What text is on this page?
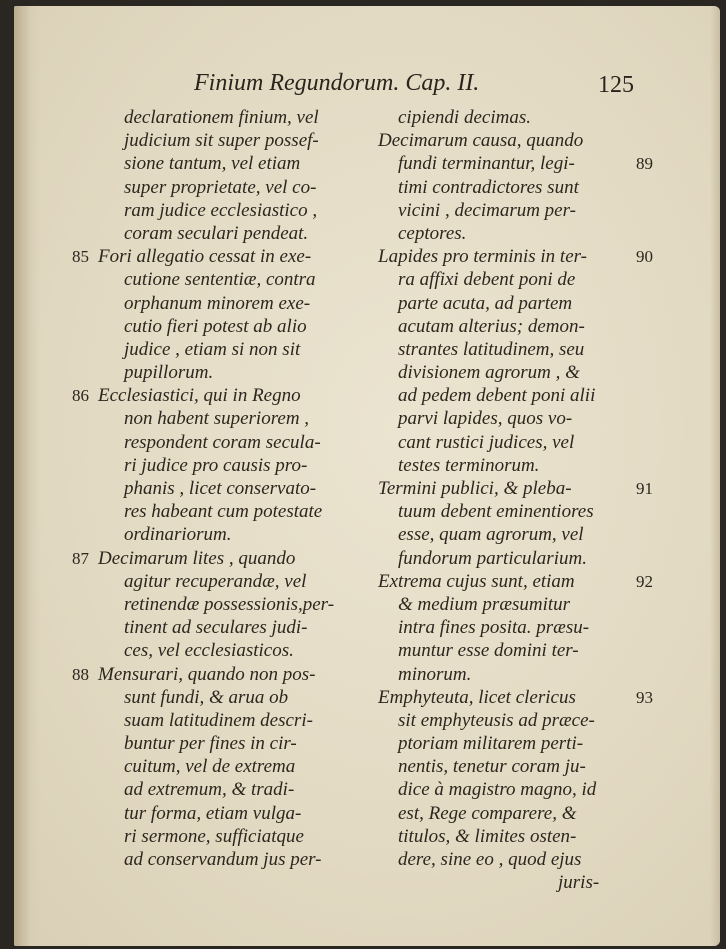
Finium Regundorum. Cap. II.	125
declarationem finium, vel
judicium sit super possef-
sione tantum, vel etiam
super proprietate, vel co-
ram judice ecclesiastico ,
coram seculari pendeat.
85 Fori allegatio cessat in exe-
cutione sententiæ, contra
orphanum minorem exe-
cutio fieri potest ab alio
judice , etiam si non sit
pupillorum.
86 Ecclesiastici, qui in Regno
non habent superiorem ,
respondent coram secula-
ri judice pro causis pro-
phanis , licet conservato-
res habeant cum potestate
ordinariorum.
87 Decimarum lites , quando
agitur recuperandæ, vel
retinendæ possessionis,per-
tinent ad seculares judi-
ces, vel ecclesiasticos.
88 Mensurari, quando non pos-
sunt fundi, & arua ob
suam latitudinem descri-
buntur per fines in cir-
cuitum, vel de extrema
ad extremum, & tradi-
tur forma, etiam vulga-
ri sermone, sufficiatque
ad conservandum jus per-
cipiendi decimas.
Decimarum causa, quando
89
fundi terminantur, legi-
timi contradictores sunt
vicini , decimarum per-
ceptores.
90
Lapides pro terminis in ter-
ra affixi debent poni de
parte acuta, ad partem
acutam alterius; demon-
strantes latitudinem, seu
divisionem agrorum , &
ad pedem debent poni alii
parvi lapides, quos vo-
cant rustici judices, vel
testes terminorum.
91
Termini publici, & pleba-
tuum debent eminentiores
esse, quam agrorum, vel
fundorum particularium.
92
Extrema cujus sunt, etiam
& medium præsumitur
intra fines posita. præsu-
muntur esse domini ter-
minorum.
93
Emphyteuta, licet clericus
sit emphyteusis ad præce-
ptoriam militarem perti-
nentis, tenetur coram ju-
dice à magistro magno, id
est, Rege comparere, &
titulos, & limites osten-
dere, sine eo , quod ejus
juris-
